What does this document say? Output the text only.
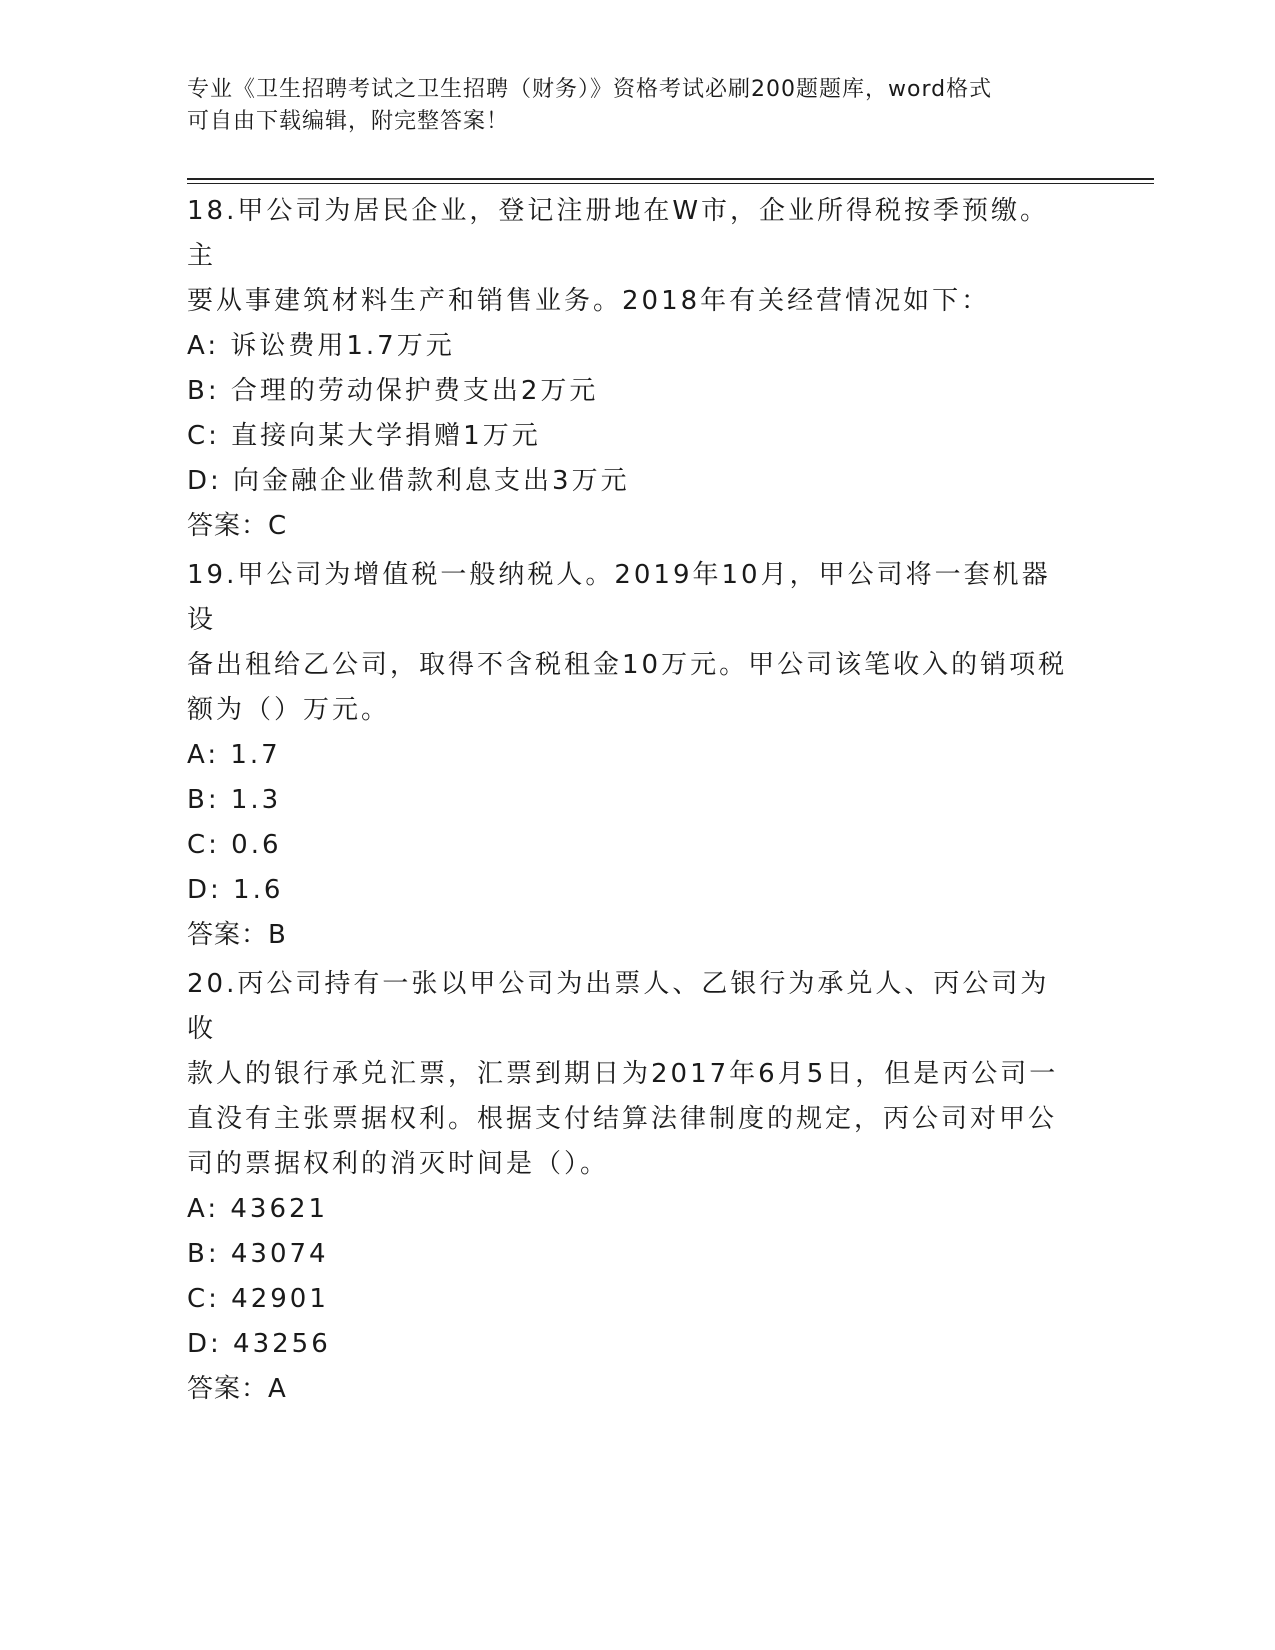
专业《卫生招聘考试之卫生招聘（财务）》资格考试必刷200题题库，word格式
可自由下载编辑，附完整答案！

18.甲公司为居民企业，登记注册地在W市，企业所得税按季预缴。主

要从事建筑材料生产和销售业务。2018年有关经营情况如下：

A: 诉讼费用1.7万元

B: 合理的劳动保护费支出2万元

C: 直接向某大学捐赠1万元

D: 向金融企业借款利息支出3万元

答案：C

19.甲公司为增值税一般纳税人。2019年10月，甲公司将一套机器设

备出租给乙公司，取得不含税租金10万元。甲公司该笔收入的销项税

额为（）万元。

A: 1.7

B: 1.3

C: 0.6

D: 1.6

答案：B

20.丙公司持有一张以甲公司为出票人、乙银行为承兑人、丙公司为收

款人的银行承兑汇票，汇票到期日为2017年6月5日，但是丙公司一

直没有主张票据权利。根据支付结算法律制度的规定，丙公司对甲公

司的票据权利的消灭时间是（）。

A: 43621

B: 43074

C: 42901

D: 43256

答案：A
